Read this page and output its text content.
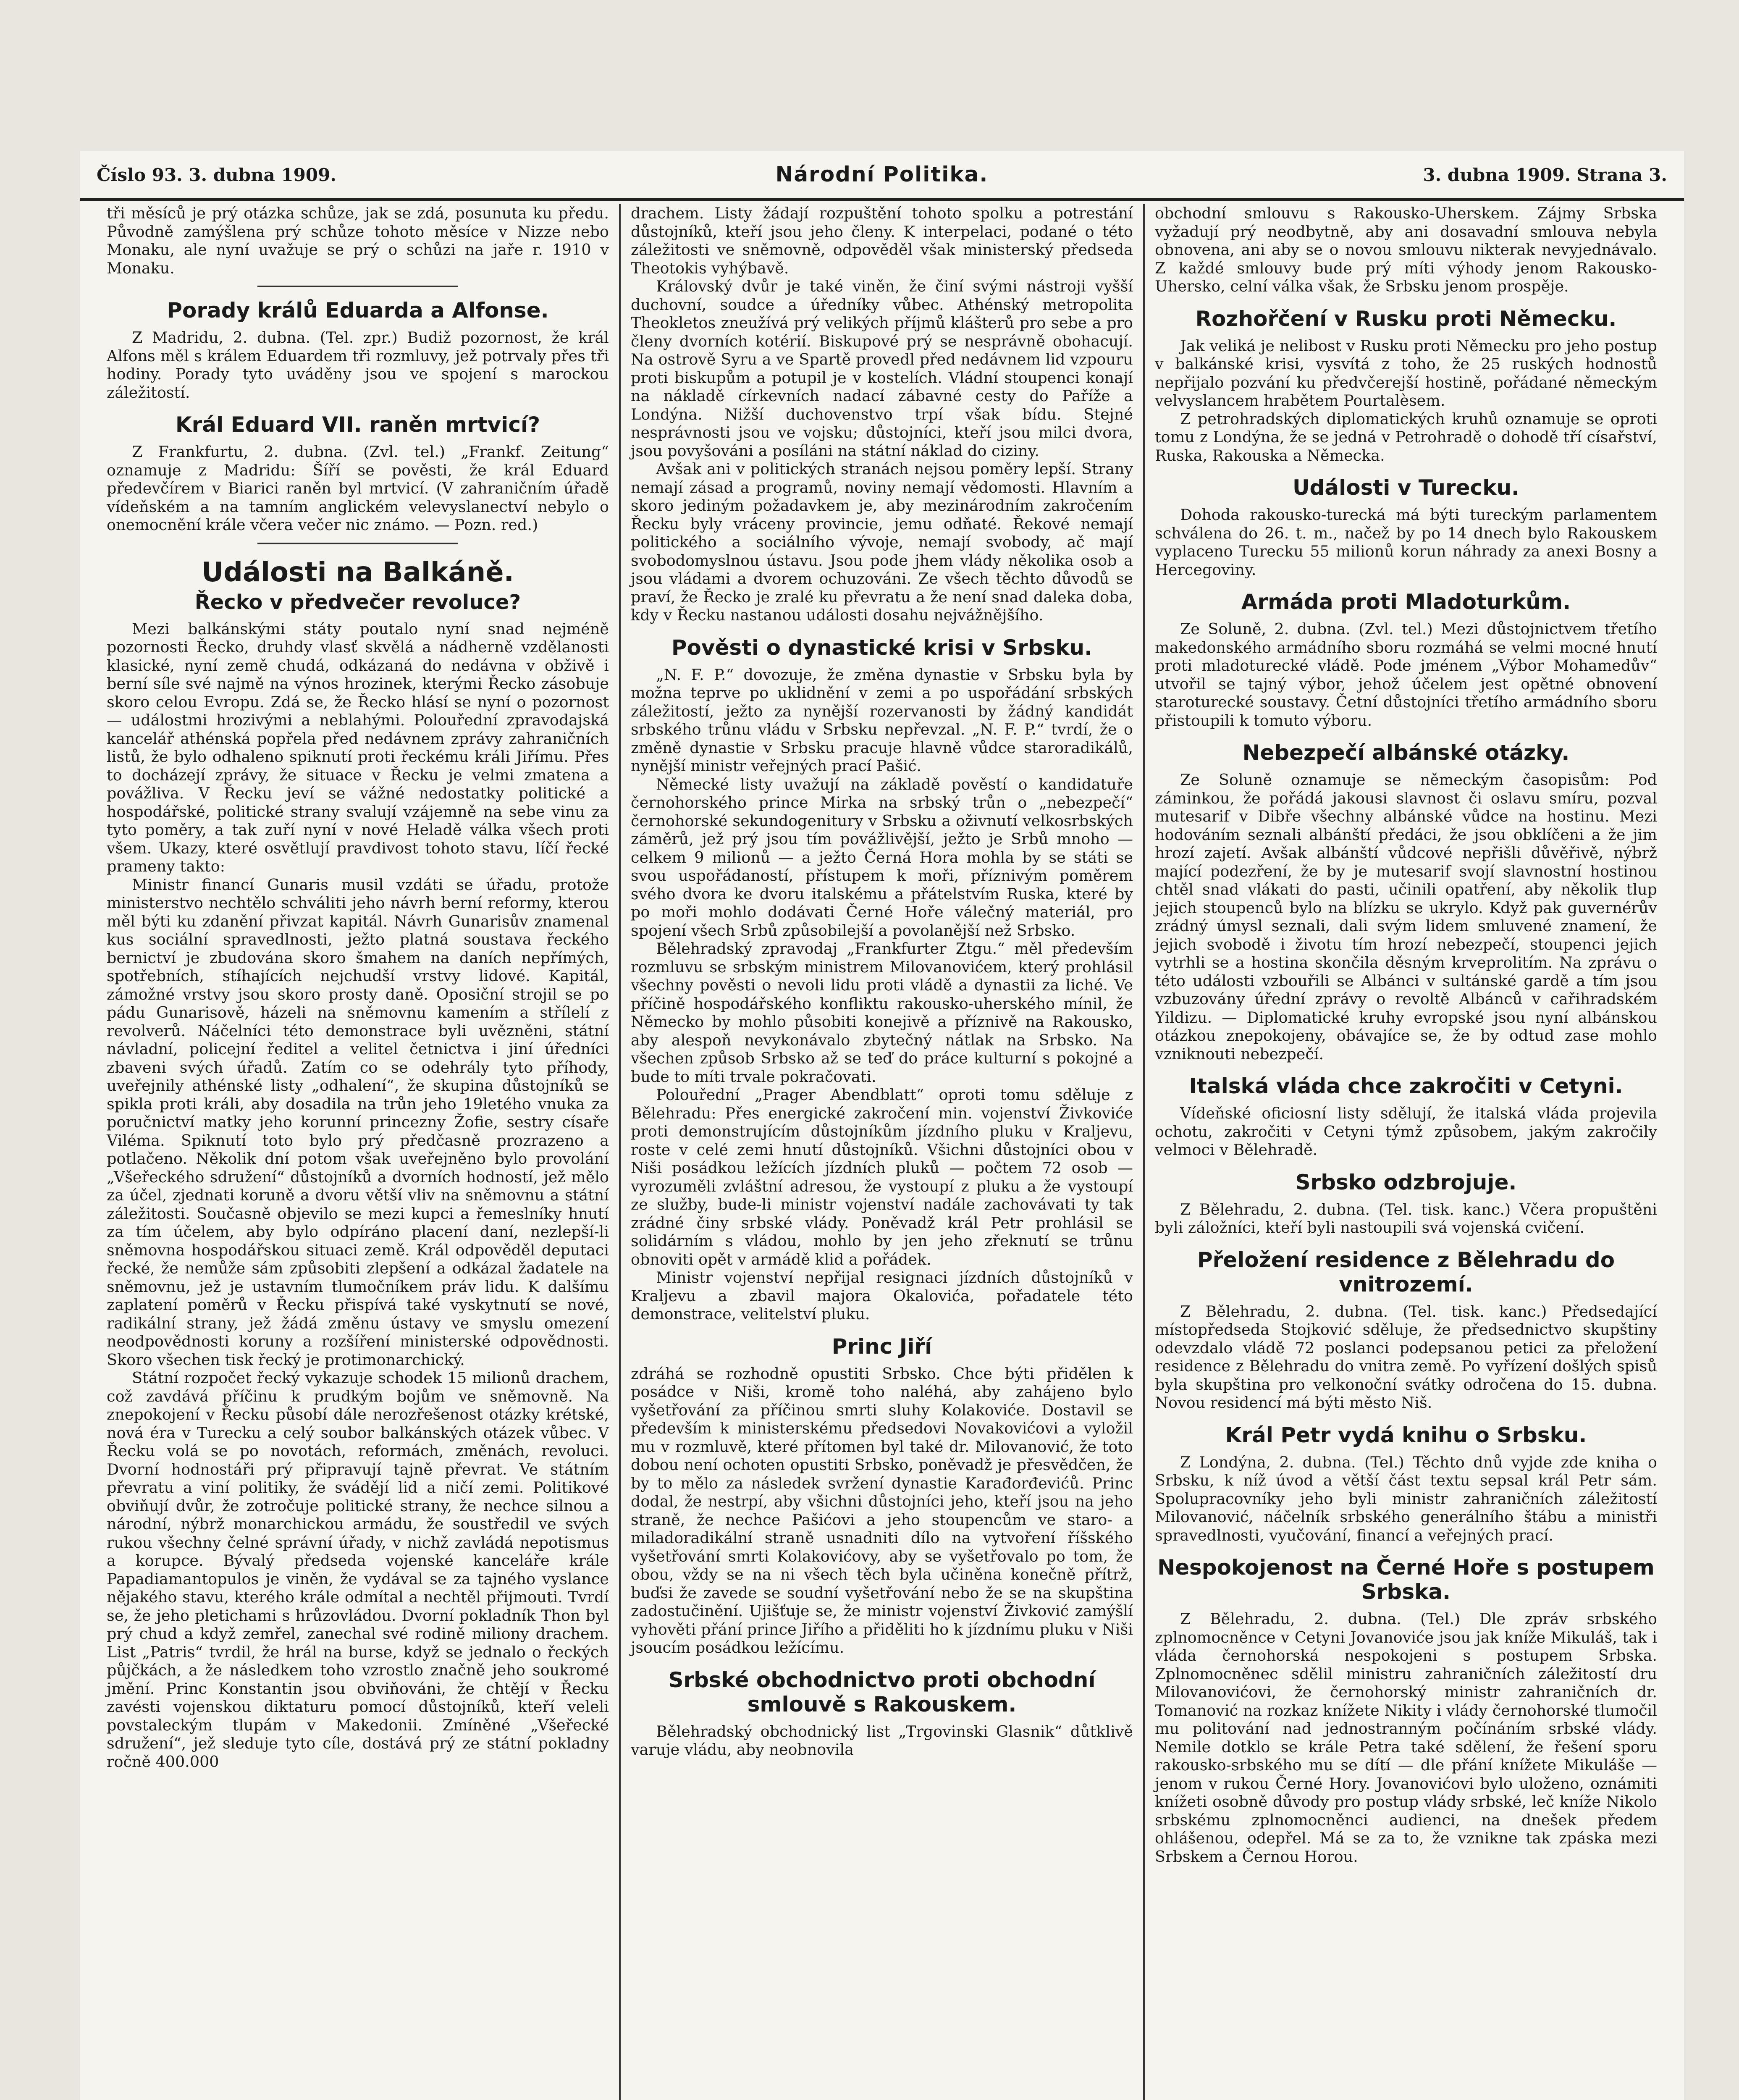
Číslo 93. 3. dubna 1909.	Národní Politika.	3. dubna 1909. Strana 3.

tři měsíců je prý otázka schůze, jak se zdá, posunuta ku předu. Původně zamýšlena prý schůze tohoto měsíce v Nizze nebo Monaku, ale nyní uvažuje se prý o schůzi na jaře r. 1910 v Monaku.

Porady králů Eduarda a Alfonse.

Z Madridu, 2. dubna. (Tel. zpr.) Budiž pozornost, že král Alfons měl s králem Eduardem tři rozmluvy, jež potrvaly přes tři hodiny. Porady tyto uváděny jsou ve spojení s marockou záležitostí.

Král Eduard VII. raněn mrtvicí?

Z Frankfurtu, 2. dubna. (Zvl. tel.) „Frankf. Zeitung“ oznamuje z Madridu: Šíří se pověsti, že král Eduard předevčírem v Biarici raněn byl mrtvicí. (V zahraničním úřadě vídeňském a na tamním anglickém velevyslanectví nebylo o onemocnění krále včera večer nic známo. — Pozn. red.)

Události na Balkáně.
Řecko v předvečer revoluce?

Mezi balkánskými státy poutalo nyní snad nejméně pozornosti Řecko, druhdy vlasť skvělá a nádherně vzdělanosti klasické, nyní země chudá, odkázaná do nedávna v obživě i berní síle své najmě na výnos hrozinek, kterými Řecko zásobuje skoro celou Evropu. Zdá se, že Řecko hlásí se nyní o pozornost — událostmi hrozivými a neblahými. Polouřední zpravodajská kancelář athénská popřela před nedávnem zprávy zahraničních listů, že bylo odhaleno spiknutí proti řeckému králi Jiřímu. Přes to docházejí zprávy, že situace v Řecku je velmi zmatena a povážliva. V Řecku jeví se vážné nedostatky politické a hospodářské, politické strany svalují vzájemně na sebe vinu za tyto poměry, a tak zuří nyní v nové Heladě válka všech proti všem. Ukazy, které osvětlují pravdivost tohoto stavu, líčí řecké prameny takto:

Ministr financí Gunaris musil vzdáti se úřadu, protože ministerstvo nechtělo schváliti jeho návrh berní reformy, kterou měl býti ku zdanění přivzat kapitál. Návrh Gunarisův znamenal kus sociální spravedlnosti, ježto platná soustava řeckého bernictví je zbudována skoro šmahem na daních nepřímých, spotřebních, stíhajících nejchudší vrstvy lidové. Kapitál, zámožné vrstvy jsou skoro prosty daně. Oposiční strojil se po pádu Gunarisově, házeli na sněmovnu kamením a střílelí z revolverů. Náčelníci této demonstrace byli uvězněni, státní návladní, policejní ředitel a velitel četnictva i jiní úředníci zbaveni svých úřadů. Zatím co se odehrály tyto příhody, uveřejnily athénské listy „odhalení“, že skupina důstojníků se spikla proti králi, aby dosadila na trůn jeho 19letého vnuka za poručnictví matky jeho korunní princezny Žofie, sestry císaře Viléma. Spiknutí toto bylo prý předčasně prozrazeno a potlačeno. Několik dní potom však uveřejněno bylo provolání „Všeřeckého sdružení“ důstojníků a dvorních hodností, jež mělo za účel, zjednati koruně a dvoru větší vliv na sněmovnu a státní záležitosti. Současně objevilo se mezi kupci a řemeslníky hnutí za tím účelem, aby bylo odpíráno placení daní, nezlepší-li sněmovna hospodářskou situaci země. Král odpověděl deputaci řecké, že nemůže sám způsobiti zlepšení a odkázal žadatele na sněmovnu, jež je ustavním tlumočníkem práv lidu. K dalšímu zaplatení poměrů v Řecku přispívá také vyskytnutí se nové, radikální strany, jež žádá změnu ústavy ve smyslu omezení neodpovědnosti koruny a rozšíření ministerské odpovědnosti. Skoro všechen tisk řecký je protimonarchický.

Státní rozpočet řecký vykazuje schodek 15 milionů drachem, což zavdává příčinu k prudkým bojům ve sněmovně. Na znepokojení v Řecku působí dále nerozřešenost otázky krétské, nová éra v Turecku a celý soubor balkánských otázek vůbec. V Řecku volá se po novotách, reformách, změnách, revoluci. Dvorní hodnostáři prý připravují tajně převrat. Ve státním převratu a viní politiky, že svádějí lid a ničí zemi. Politikové obviňují dvůr, že zotročuje politické strany, že nechce silnou a národní, nýbrž monarchickou armádu, že soustředil ve svých rukou všechny čelné správní úřady, v nichž zavládá nepotismus a korupce. Bývalý předseda vojenské kanceláře krále Papadiamantopulos je viněn, že vydával se za tajného vyslance nějakého stavu, kterého krále odmítal a nechtěl přijmouti. Tvrdí se, že jeho pletichami s hrůzovládou. Dvorní pokladník Thon byl prý chud a když zemřel, zanechal své rodině miliony drachem. List „Patris“ tvrdil, že hrál na burse, když se jednalo o řeckých půjčkách, a že následkem toho vzrostlo značně jeho soukromé jmění. Princ Konstantin jsou obviňováni, že chtějí v Řecku zavésti vojenskou diktaturu pomocí důstojníků, kteří veleli povstaleckým tlupám v Makedonii. Zmíněné „Všeřecké sdružení“, jež sleduje tyto cíle, dostává prý ze státní pokladny ročně 400.000

drachem. Listy žádají rozpuštění tohoto spolku a potrestání důstojníků, kteří jsou jeho členy. K interpelaci, podané o této záležitosti ve sněmovně, odpověděl však ministerský předseda Theotokis vyhýbavě.

Královský dvůr je také viněn, že činí svými nástroji vyšší duchovní, soudce a úředníky vůbec. Athénský metropolita Theokletos zneužívá prý velikých příjmů klášterů pro sebe a pro členy dvorních kotérií. Biskupové prý se nesprávně obohacují. Na ostrově Syru a ve Spartě provedl před nedávnem lid vzpouru proti biskupům a potupil je v kostelích. Vládní stoupenci konají na nákladě církevních nadací zábavné cesty do Paříže a Londýna. Nižší duchovenstvo trpí však bídu. Stejné nesprávnosti jsou ve vojsku; důstojníci, kteří jsou milci dvora, jsou povyšováni a posíláni na státní náklad do ciziny.

Avšak ani v politických stranách nejsou poměry lepší. Strany nemají zásad a programů, noviny nemají vědomosti. Hlavním a skoro jediným požadavkem je, aby mezinárodním zakročením Řecku byly vráceny provincie, jemu odňaté. Řekové nemají politického a sociálního vývoje, nemají svobody, ač mají svobodomyslnou ústavu. Jsou pode jhem vlády několika osob a jsou vládami a dvorem ochuzováni. Ze všech těchto důvodů se praví, že Řecko je zralé ku převratu a že není snad daleka doba, kdy v Řecku nastanou události dosahu nejvážnějšího.

Pověsti o dynastické krisi v Srbsku.

„N. F. P.“ dovozuje, že změna dynastie v Srbsku byla by možna teprve po uklidnění v zemi a po uspořádání srbských záležitostí, ježto za nynější rozervanosti by žádný kandidát srbského trůnu vládu v Srbsku nepřevzal. „N. F. P.“ tvrdí, že o změně dynastie v Srbsku pracuje hlavně vůdce staroradikálů, nynější ministr veřejných prací Pašić.

Německé listy uvažují na základě pověstí o kandidatuře černohorského prince Mirka na srbský trůn o „nebezpečí“ černohorské sekundogenitury v Srbsku a oživnutí velkosrbských záměrů, jež prý jsou tím povážlivější, ježto je Srbů mnoho — celkem 9 milionů — a ježto Černá Hora mohla by se státi se svou uspořádaností, přístupem k moři, příznivým poměrem svého dvora ke dvoru italskému a přátelstvím Ruska, které by po moři mohlo dodávati Černé Hoře válečný materiál, pro spojení všech Srbů způsobilejší a povolanější než Srbsko.

Bělehradský zpravodaj „Frankfurter Ztgu.“ měl především rozmluvu se srbským ministrem Milovanovićem, který prohlásil všechny pověsti o nevoli lidu proti vládě a dynastii za liché. Ve příčině hospodářského konfliktu rakousko-uherského mínil, že Německo by mohlo působiti konejivě a příznivě na Rakousko, aby alespoň nevykonávalo zbytečný nátlak na Srbsko. Na všechen způsob Srbsko až se teď do práce kulturní s pokojné a bude to míti trvale pokračovati.

Polouřední „Prager Abendblatt“ oproti tomu sděluje z Bělehradu: Přes energické zakročení min. vojenství Živkoviće proti demonstrujícím důstojníkům jízdního pluku v Kraljevu, roste v celé zemi hnutí důstojníků. Všichni důstojníci obou v Niši posádkou ležících jízdních pluků — počtem 72 osob — vyrozuměli zvláštní adresou, že vystoupí z pluku a že vystoupí ze služby, bude-li ministr vojenství nadále zachovávati ty tak zrádné činy srbské vlády. Poněvadž král Petr prohlásil se solidárním s vládou, mohlo by jen jeho zřeknutí se trůnu obnoviti opět v armádě klid a pořádek.

Ministr vojenství nepřijal resignaci jízdních důstojníků v Kraljevu a zbavil majora Okalovića, pořadatele této demonstrace, velitelství pluku.

Princ Jiří

zdráhá se rozhodně opustiti Srbsko. Chce býti přidělen k posádce v Niši, kromě toho naléhá, aby zahájeno bylo vyšetřování za příčinou smrti sluhy Kolakoviće. Dostavil se především k ministerskému předsedovi Novakovićovi a vyložil mu v rozmluvě, které přítomen byl také dr. Milovanović, že toto dobou není ochoten opustiti Srbsko, poněvadž je přesvědčen, že by to mělo za následek svržení dynastie Karađorđevićů. Princ dodal, že nestrpí, aby všichni důstojníci jeho, kteří jsou na jeho straně, že nechce Pašićovi a jeho stoupencům ve staro- a miladoradikální straně usnadniti dílo na vytvoření říšského vyšetřování smrti Kolakovićovy, aby se vyšetřovalo po tom, že obou, vždy se na ni všech těch byla učiněna konečně přítrž, buďsi že zavede se soudní vyšetřování nebo že se na skupština zadostučinění. Ujišťuje se, že ministr vojenství Živković zamýšlí vyhověti přání prince Jiřího a přiděliti ho k jízdnímu pluku v Niši jsoucím posádkou ležícímu.

Srbské obchodnictvo proti obchodní smlouvě s Rakouskem.

Bělehradský obchodnický list „Trgovinski Glasnik“ důtklivě varuje vládu, aby neobnovila

obchodní smlouvu s Rakousko-Uherskem. Zájmy Srbska vyžadují prý neodbytně, aby ani dosavadní smlouva nebyla obnovena, ani aby se o novou smlouvu nikterak nevyjednávalo. Z každé smlouvy bude prý míti výhody jenom Rakousko-Uhersko, celní válka však, že Srbsku jenom prospěje.

Rozhořčení v Rusku proti Německu.

Jak veliká je nelibost v Rusku proti Německu pro jeho postup v balkánské krisi, vysvítá z toho, že 25 ruských hodnostů nepřijalo pozvání ku předvčerejší hostině, pořádané německým velvyslancem hrabětem Pourtalèsem.

Z petrohradských diplomatických kruhů oznamuje se oproti tomu z Londýna, že se jedná v Petrohradě o dohodě tří císařství, Ruska, Rakouska a Německa.

Události v Turecku.

Dohoda rakousko-turecká má býti tureckým parlamentem schválena do 26. t. m., načež by po 14 dnech bylo Rakouskem vyplaceno Turecku 55 milionů korun náhrady za anexi Bosny a Hercegoviny.

Armáda proti Mladoturkům.

Ze Soluně, 2. dubna. (Zvl. tel.) Mezi důstojnictvem třetího makedonského armádního sboru rozmáhá se velmi mocné hnutí proti mladoturecké vládě. Pode jménem „Výbor Mohamedův“ utvořil se tajný výbor, jehož účelem jest opětné obnovení staroturecké soustavy. Četní důstojníci třetího armádního sboru přistoupili k tomuto výboru.

Nebezpečí albánské otázky.

Ze Soluně oznamuje se německým časopisům: Pod záminkou, že pořádá jakousi slavnost či oslavu smíru, pozval mutesarif v Dibře všechny albánské vůdce na hostinu. Mezi hodováním seznali albánští předáci, že jsou obklíčeni a že jim hrozí zajetí. Avšak albánští vůdcové nepřišli důvěřivě, nýbrž mající podezření, že by je mutesarif svojí slavnostní hostinou chtěl snad vlákati do pasti, učinili opatření, aby několik tlup jejich stoupenců bylo na blízku se ukrylo. Když pak guvernérův zrádný úmysl seznali, dali svým lidem smluvené znamení, že jejich svobodě i životu tím hrozí nebezpečí, stoupenci jejich vytrhli se a hostina skončila děsným krveprolitím. Na zprávu o této události vzbouřili se Albánci v sultánské gardě a tím jsou vzbuzovány úřední zprávy o revoltě Albánců v cařihradském Yildizu. — Diplomatické kruhy evropské jsou nyní albánskou otázkou znepokojeny, obávajíce se, že by odtud zase mohlo vzniknouti nebezpečí.

Italská vláda chce zakročiti v Cetyni.

Vídeňské oficiosní listy sdělují, že italská vláda projevila ochotu, zakročiti v Cetyni týmž způsobem, jakým zakročily velmoci v Bělehradě.

Srbsko odzbrojuje.

Z Bělehradu, 2. dubna. (Tel. tisk. kanc.) Včera propuštěni byli záložníci, kteří byli nastoupili svá vojenská cvičení.

Přeložení residence z Bělehradu do vnitrozemí.

Z Bělehradu, 2. dubna. (Tel. tisk. kanc.) Předsedající místopředseda Stojković sděluje, že předsednictvo skupštiny odevzdalo vládě 72 poslanci podepsanou petici za přeložení residence z Bělehradu do vnitra země. Po vyřízení došlých spisů byla skupština pro velkonoční svátky odročena do 15. dubna. Novou residencí má býti město Niš.

Král Petr vydá knihu o Srbsku.

Z Londýna, 2. dubna. (Tel.) Těchto dnů vyjde zde kniha o Srbsku, k níž úvod a větší část textu sepsal král Petr sám. Spolupracovníky jeho byli ministr zahraničních záležitostí Milovanović, náčelník srbského generálního štábu a ministři spravedlnosti, vyučování, financí a veřejných prací.

Nespokojenost na Černé Hoře s postupem Srbska.

Z Bělehradu, 2. dubna. (Tel.) Dle zpráv srbského zplnomocněnce v Cetyni Jovanoviće jsou jak kníže Mikuláš, tak i vláda černohorská nespokojeni s postupem Srbska. Zplnomocněnec sdělil ministru zahraničních záležitostí dru Milovanovićovi, že černohorský ministr zahraničních dr. Tomanović na rozkaz knížete Nikity i vlády černohorské tlumočil mu politování nad jednostranným počínáním srbské vlády. Nemile dotklo se krále Petra také sdělení, že řešení sporu rakousko-srbského mu se dítí — dle přání knížete Mikuláše — jenom v rukou Černé Hory. Jovanovićovi bylo uloženo, oznámiti knížeti osobně důvody pro postup vlády srbské, leč kníže Nikolo srbskému zplnomocněnci audienci, na dnešek předem ohlášenou, odepřel. Má se za to, že vznikne tak zpáska mezi Srbskem a Černou Horou.
